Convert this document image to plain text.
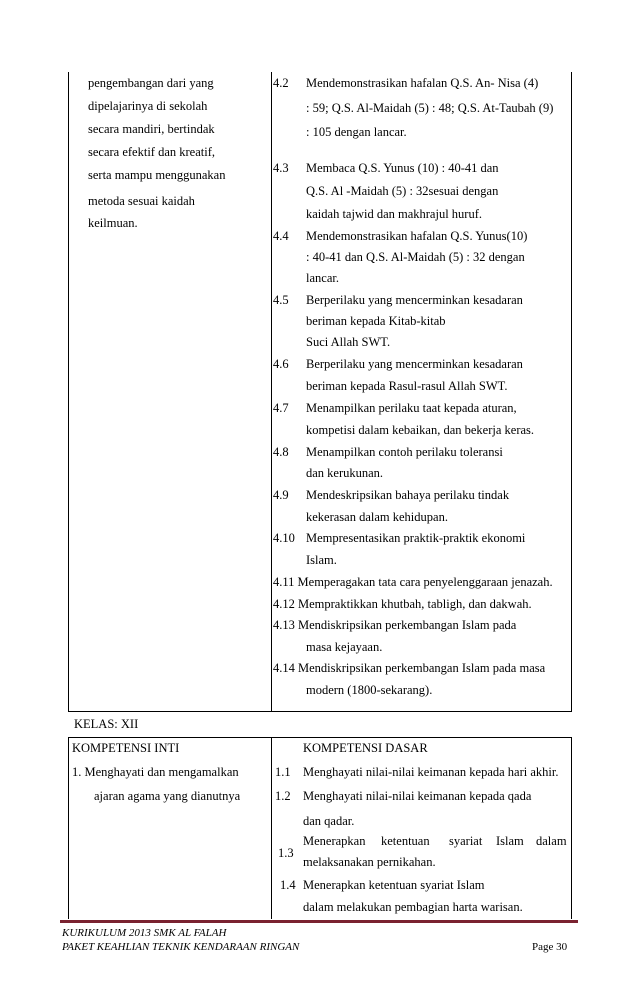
pengembangan dari yang
dipelajarinya di sekolah
secara mandiri, bertindak
secara efektif dan kreatif,
serta mampu menggunakan
metoda sesuai kaidah
keilmuan.
4.2 Mendemonstrasikan hafalan Q.S. An- Nisa (4)
: 59; Q.S. Al-Maidah (5) : 48; Q.S. At-Taubah (9)
: 105 dengan lancar.
4.3 Membaca Q.S. Yunus (10) : 40-41 dan
Q.S. Al -Maidah (5) : 32sesuai dengan
kaidah tajwid dan makhrajul huruf.
4.4 Mendemonstrasikan hafalan Q.S. Yunus(10)
: 40-41 dan Q.S. Al-Maidah (5) : 32 dengan
lancar.
4.5 Berperilaku yang mencerminkan kesadaran
beriman kepada Kitab-kitab
Suci Allah SWT.
4.6 Berperilaku yang mencerminkan kesadaran
beriman kepada Rasul-rasul Allah SWT.
4.7 Menampilkan perilaku taat kepada aturan,
kompetisi dalam kebaikan, dan bekerja keras.
4.8 Menampilkan contoh perilaku toleransi
dan kerukunan.
4.9 Mendeskripsikan bahaya perilaku tindak
kekerasan dalam kehidupan.
4.10 Mempresentasikan praktik-praktik ekonomi
Islam.
4.11 Memperagakan tata cara penyelenggaraan jenazah.
4.12 Mempraktikkan khutbah, tabligh, dan dakwah.
4.13 Mendiskripsikan perkembangan Islam pada
masa kejayaan.
4.14 Mendiskripsikan perkembangan Islam pada masa
modern (1800-sekarang).
KELAS: XII
KOMPETENSI INTI	KOMPETENSI DASAR
1. Menghayati dan mengamalkan
ajaran agama yang dianutnya
1.1 Menghayati nilai-nilai keimanan kepada hari akhir.
1.2 Menghayati nilai-nilai keimanan kepada qada
dan qadar.
1.3
Menerapkan ketentuan syariat Islam dalam
melaksanakan pernikahan.
1.4 Menerapkan ketentuan syariat Islam
dalam melakukan pembagian harta warisan.
KURIKULUM 2013 SMK AL FALAH
PAKET KEAHLIAN TEKNIK KENDARAAN RINGAN	Page 30
